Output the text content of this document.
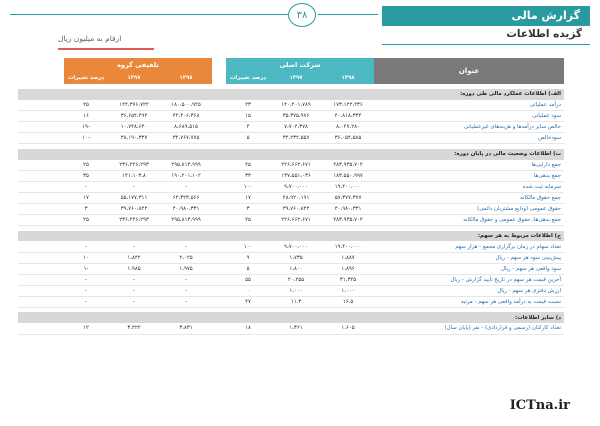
۳۸	گزارش مالی
گزیده اطلاعات
ارقام به میلیون ریال
عنوان	شرکت اصلی				تلفیقی گروه			
	۱۳۹۸	۱۳۹۷	درصد تغییرات		۱۳۹۸	۱۳۹۷	درصد تغییرات	

الف) اطلاعات عملکرد مالی طی دوره:								
درآمد عملیاتی	۱۷۳،۱۴۲،۲۳۶	۱۴۰،۴۰۱،۷۸۹	۲۳		۱۸۰،۵۰۰،۹۴۵	۱۴۴،۳۷۶،۷۲۲	۲۵	
سود عملیاتی	۴۰،۸۱۸،۳۳۴	۳۵،۳۷۵،۹۷۶	۱۵		۴۲،۴۰۶،۳۶۸	۳۶،۶۵۴،۴۹۴	۱۶	
خالص سایر درآمدها و هزینه‌های غیرعملیاتی	۸،۰۲۷،۲۸۰	۷،۷۰۴،۳۷۸	۴		۸،۶۸۹،۵۱۵	۱۰،۷۴۸،۶۴۰	-۱۹	
سودخالص	۳۶،۰۵۴،۵۸۵	۳۴،۲۳۲،۵۵۷	۵		۳۴،۷۶۷،۷۷۵	۳۸،۱۹۰،۳۳۷	-۱۰	

ب) اطلاعات وضعیت مالی در پایان دوره:								
جمع دارایی‌ها	۲۸۳،۹۳۵،۷۰۴	۲۲۶،۶۶۲،۶۷۱	۲۵		۲۹۵،۸۱۳،۹۹۹	۲۳۶،۲۴۶،۲۹۳	۲۵	
جمع بدهی‌ها	۱۸۳،۵۵۰،۹۹۷	۱۳۷،۵۵۱،۰۳۶	۳۳		۱۹۰،۲۰۱،۱۰۲	۱۴۱،۱۰۳،۸	۳۵	
سرمایه ثبت شده	۱۹،۴۰۰،۰۰۰	۹،۷۰۰،۰۰۰	۱۰۰		-	-	-	
جمع حقوق مالکانه	۵۷،۳۷۷،۳۷۷	۴۸،۹۲۰،۱۹۱	۱۷		۶۴،۳۲۳،۵۶۶	۵۵،۱۷۷،۳۱۱	۱۷	
حقوق عمومی (ودایع مشتریان دائمی)	۴۰،۹۸۰،۳۳۱	۳۹،۷۶۰،۸۴۴	۳		۴۰،۹۸۰،۳۳۱	۳۹،۷۶۰،۸۴۴	۳	
جمع بدهی‌ها، حقوق عمومی و حقوق مالکانه	۲۸۳،۹۳۵،۷۰۴	۲۲۶،۶۶۲،۶۷۱	۲۵		۲۹۵،۸۱۳،۹۹۹	۲۳۶،۲۴۶،۲۹۳	۲۵	

ج) اطلاعات مربوط به هر سهم:								
تعداد سهام در زمان برگزاری مجمع - هزار سهم	۱۹،۴۰۰،۰۰۰	۹،۷۰۰،۰۰۰	۱۰۰		-	-	-	
پیش‌بینی سود هر سهم - ریال	۱،۸۸۷	۱،۷۳۵	۹		۲،۰۲۵	۱،۸۴۲	۱۰	
سود واقعی هر سهم - ریال	۱،۸۹۶	۱،۸۰۰	۵		۱،۹۷۵	۱،۹۸۵	-۱	
آخرین قیمت هر سهم در تاریخ تأیید گزارش - ریال	۳۱،۳۲۵	۲۰،۲۵۵	۵۵		-	-	-	
ارزش دفتری هر سهم - ریال	۱،۰۰۰	۱،۰۰۰	۰		-	-	-	
نسبت قیمت به درآمد واقعی هر سهم - مرتبه	۱۶.۵	۱۱.۳	۴۷		-	-	-	

د) سایر اطلاعات:								
تعداد کارکنان (رسمی و قراردادی) - نفر (پایان سال)	۱،۶۰۵	۱،۳۶۱	۱۸		۳،۸۳۱	۳،۴۲۲	۱۲	
ICTna.ir
